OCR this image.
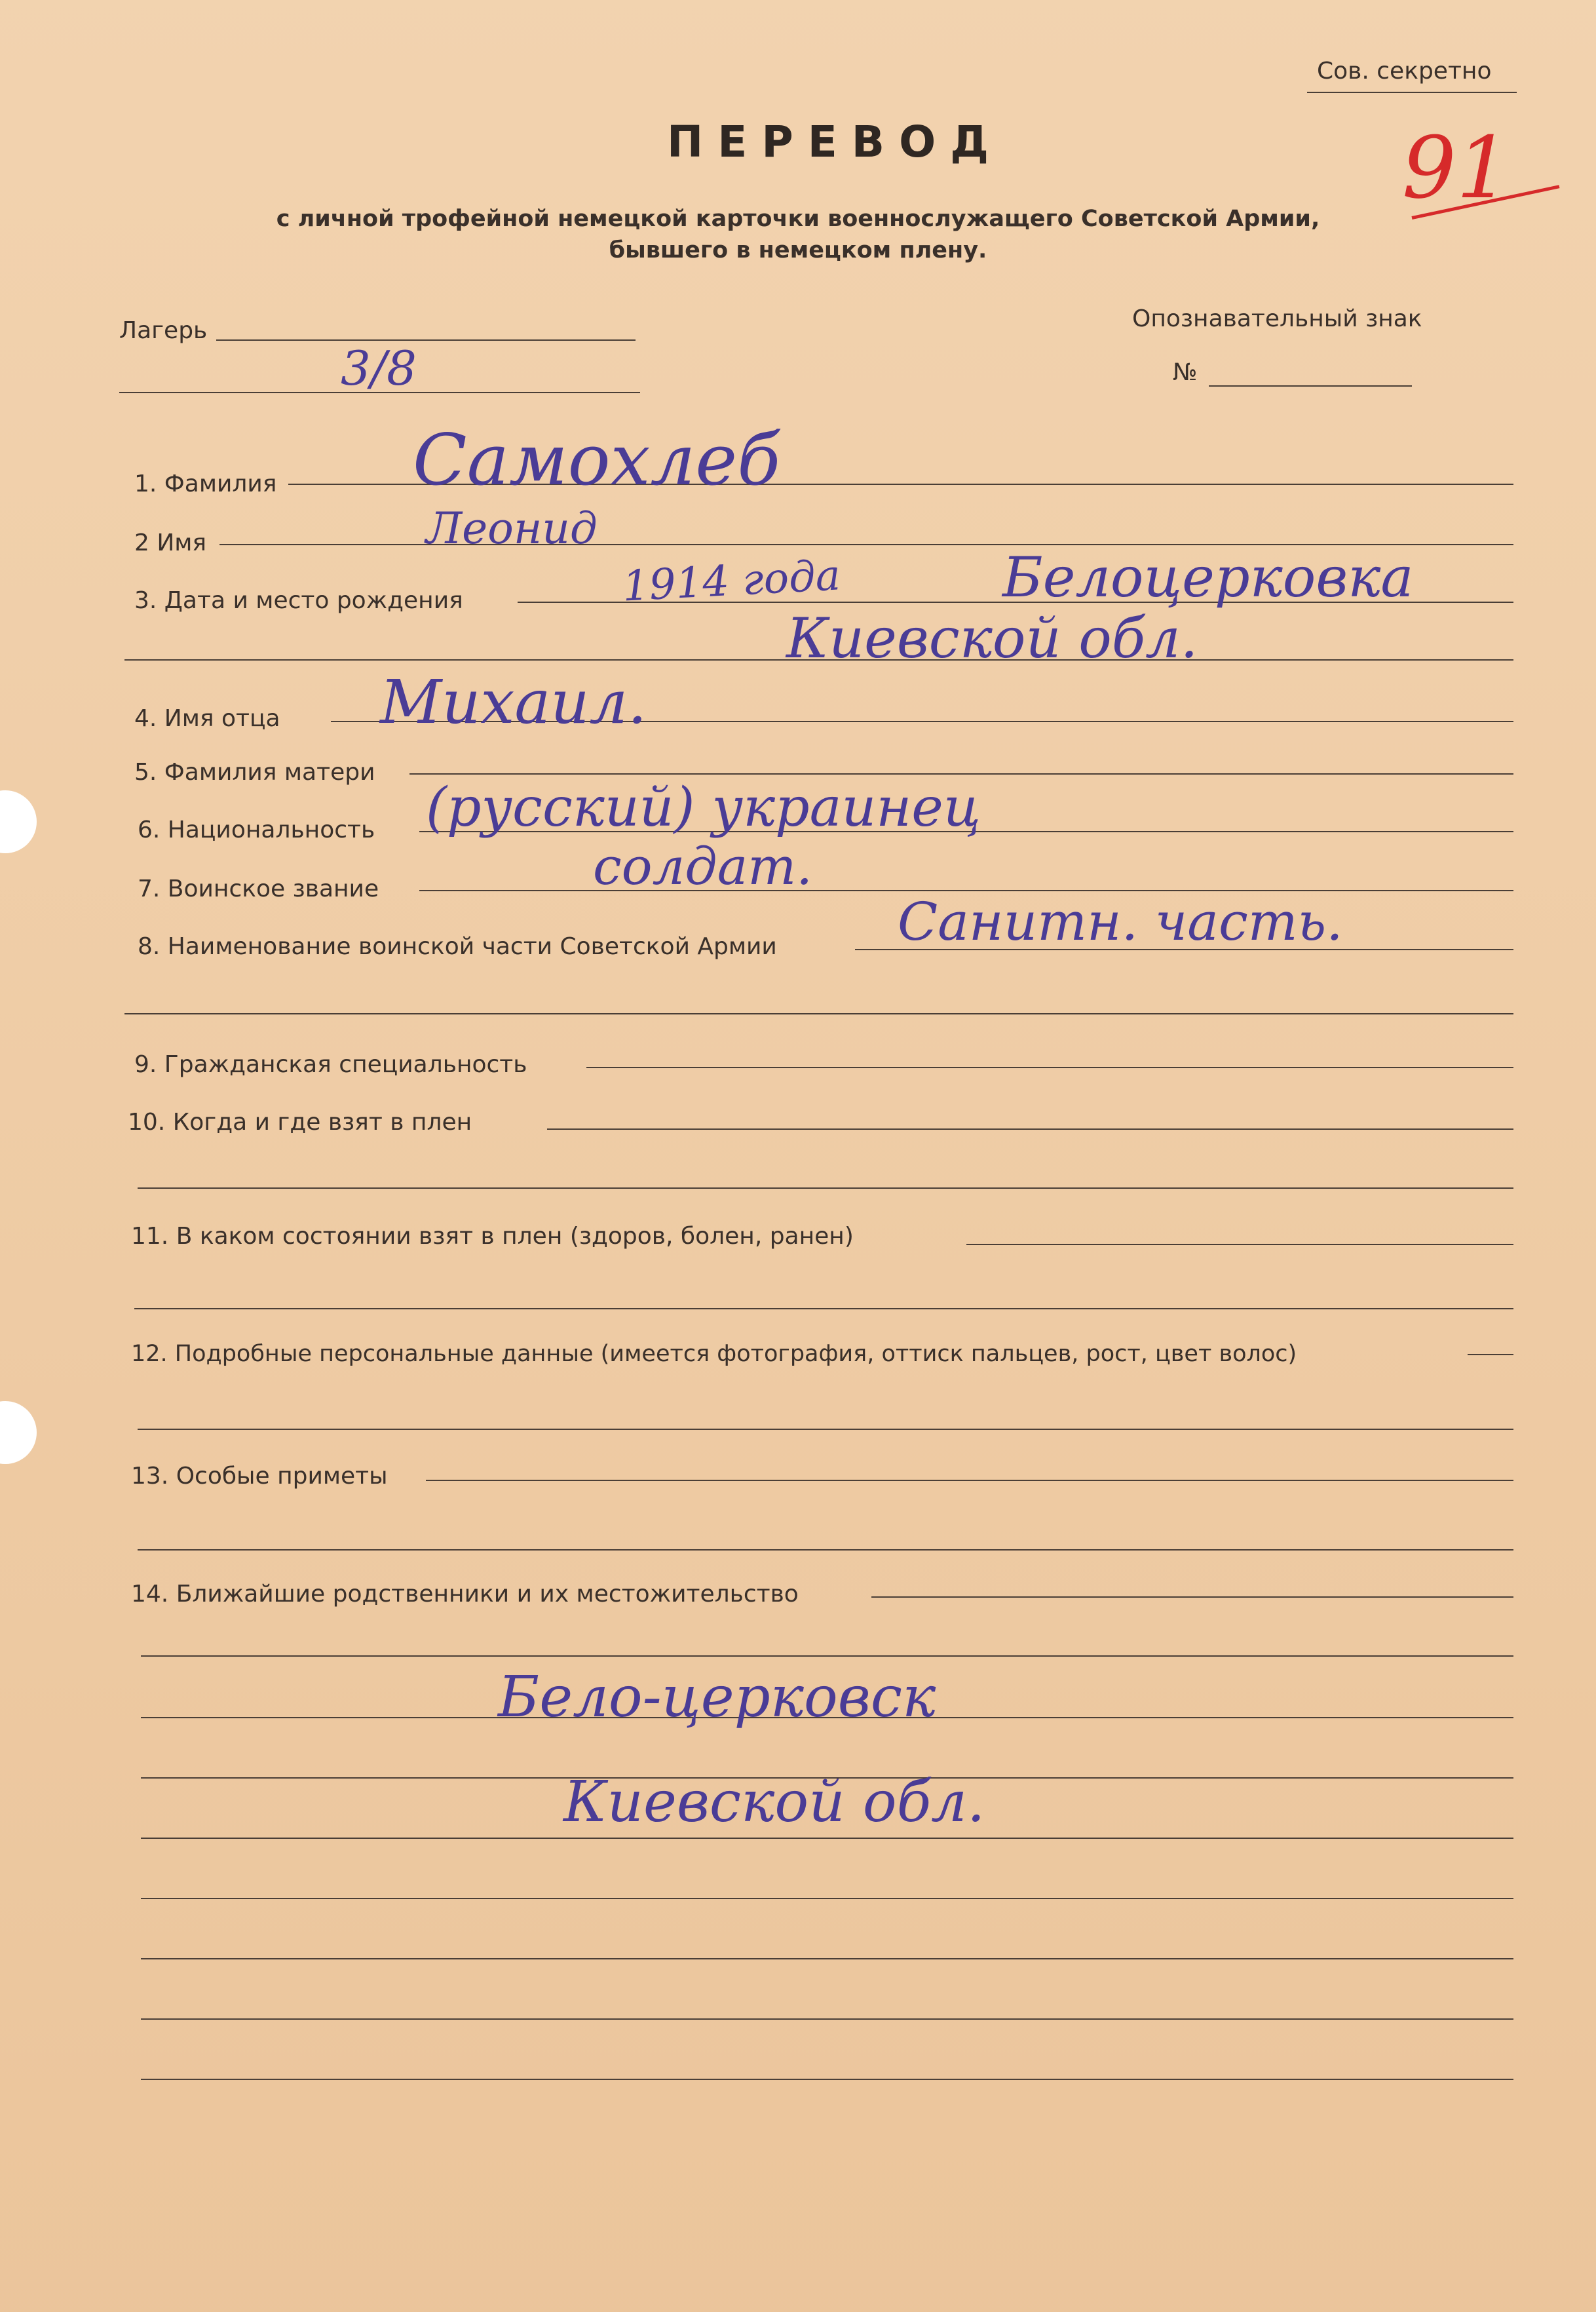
Сов. секретно
91
ПЕРЕВОД
с личной трофейной немецкой карточки военнослужащего Советской Армии,
бывшего в немецком плену.
Лагерь
3/8
Опознавательный знак
№
1. Фамилия Самохлеб
2 Имя	Леонид
3. Дата и место рождения	1914 года	Белоцерковка
Киевской обл.
4. Имя отца Михаил.
5. Фамилия матери
6. Национальность (русский) украинец
7. Воинское звание	солдат.
8. Наименование воинской части Советской Армии Санитн. часть.
9. Гражданская специальность
10. Когда и где взят в плен
11. В каком состоянии взят в плен (здоров, болен, ранен)
12. Подробные персональные данные (имеется фотография, оттиск пальцев, рост, цвет волос)
13. Особые приметы
14. Ближайшие родственники и их местожительство
Бело-церковск
Киевской обл.
